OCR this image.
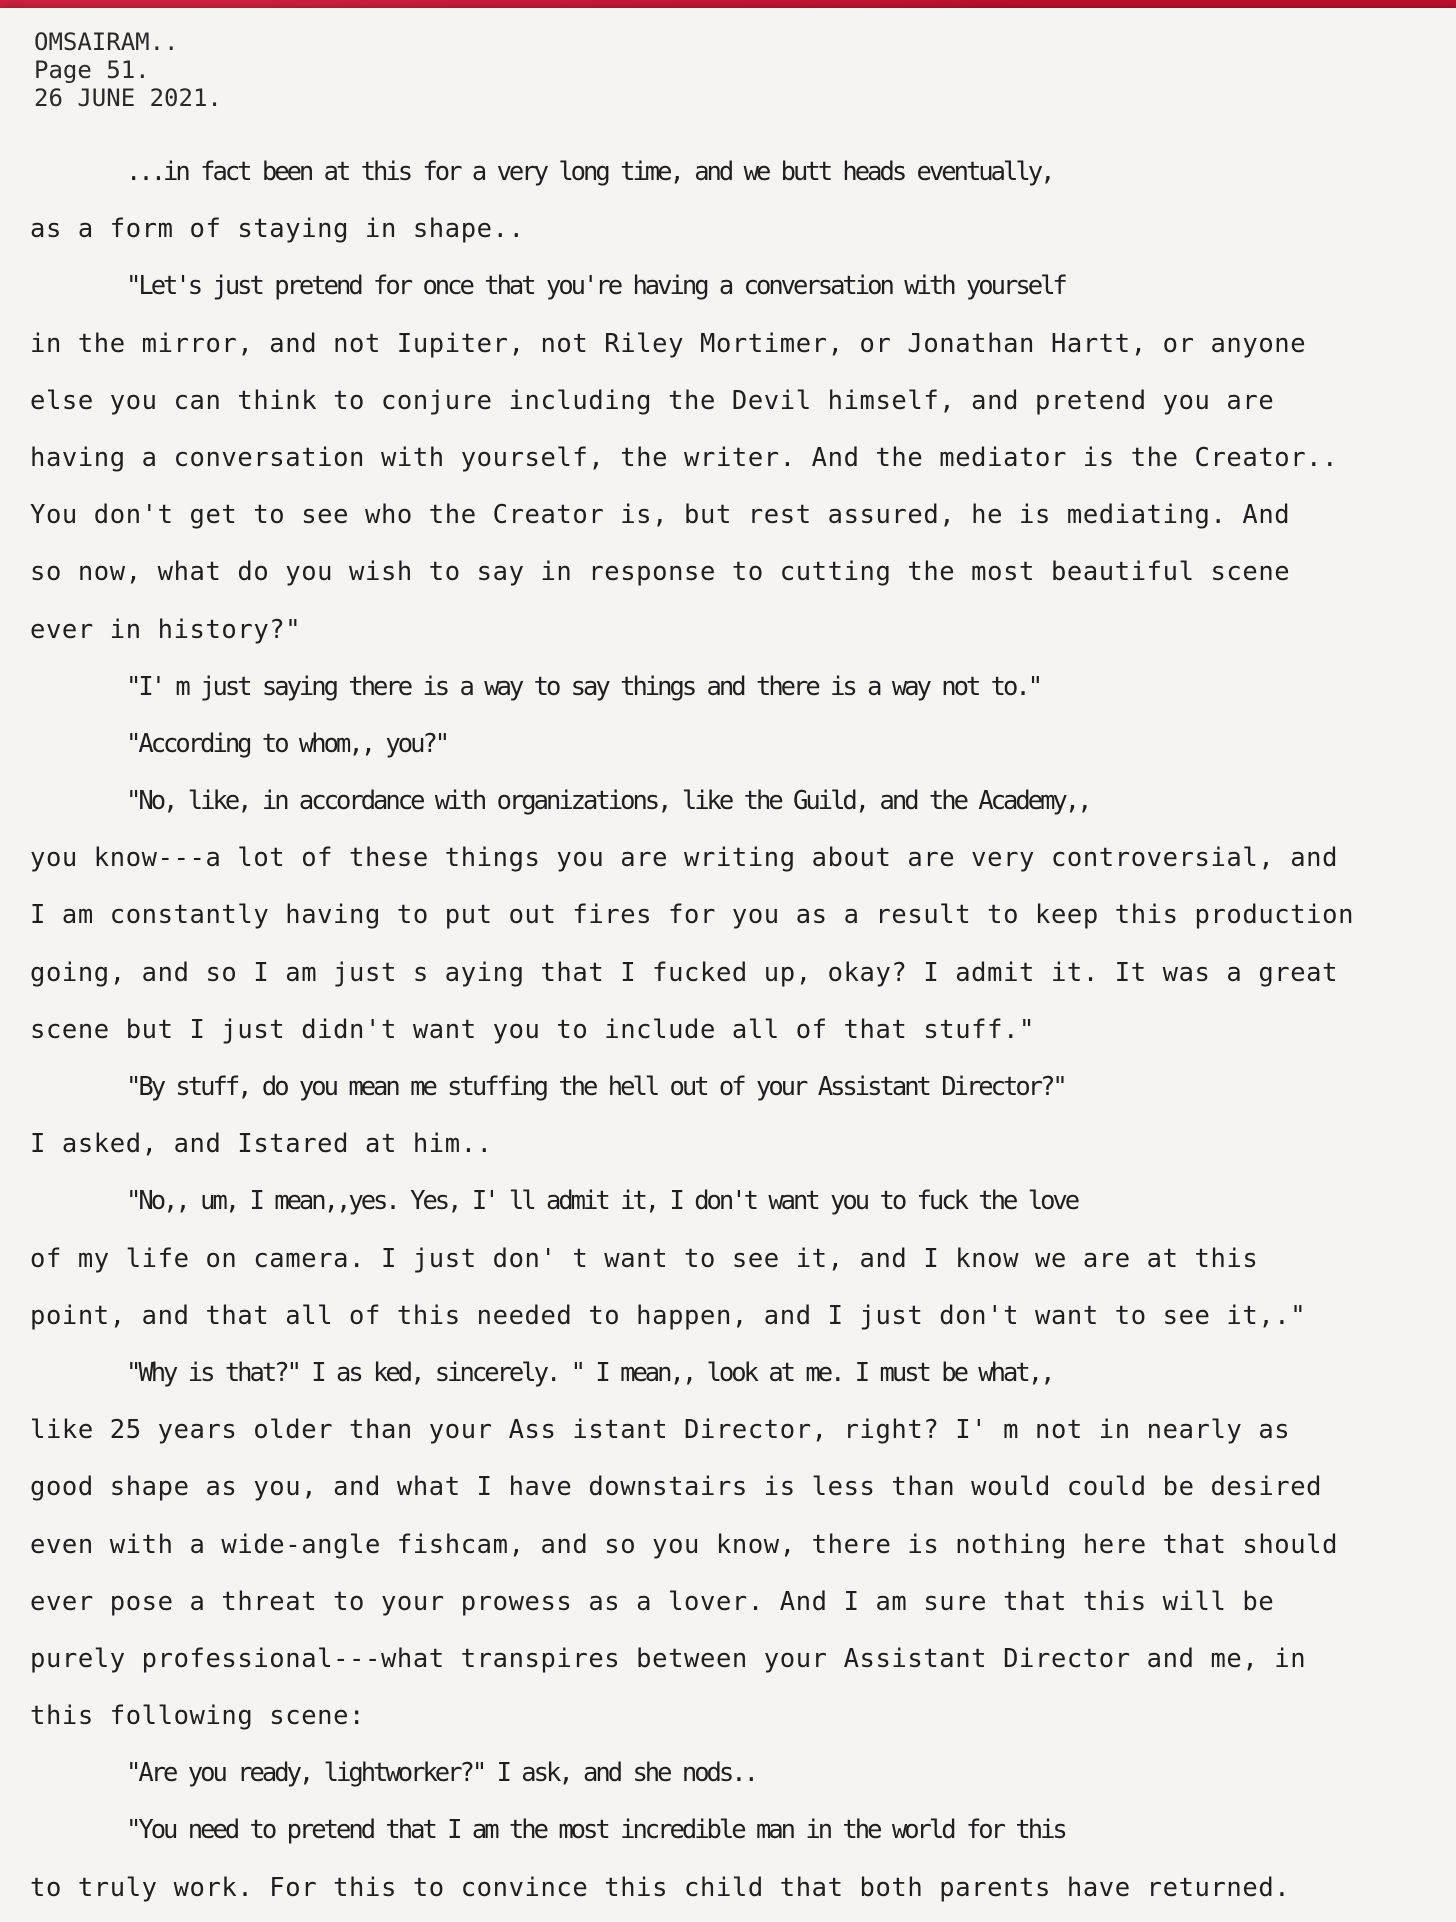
OMSAIRAM..
Page 51.
26 JUNE 2021.
...in fact been at this for a very long time, and we butt heads eventually,
as a form of staying in shape..
"Let's just pretend for once that you're having a conversation with yourself
in the mirror, and not Iupiter, not Riley Mortimer, or Jonathan Hartt, or anyone
else you can think to conjure including the Devil himself, and pretend you are
having a conversation with yourself, the writer. And the mediator is the Creator..
You don't get to see who the Creator is, but rest assured, he is mediating. And
so now, what do you wish to say in response to cutting the most beautiful scene
ever in history?"
"I' m just saying there is a way to say things and there is a way not to."
"According to whom,, you?"
"No, like, in accordance with organizations, like the Guild, and the Academy,,
you know---a lot of these things you are writing about are very controversial, and
I am constantly having to put out fires for you as a result to keep this production
going, and so I am just s aying that I fucked up, okay? I admit it. It was a great
scene but I just didn't want you to include all of that stuff."
"By stuff, do you mean me stuffing the hell out of your Assistant Director?"
I asked, and Istared at him..
"No,, um, I mean,,yes. Yes, I' ll admit it, I don't want you to fuck the love
of my life on camera. I just don' t want to see it, and I know we are at this
point, and that all of this needed to happen, and I just don't want to see it,."
"Why is that?" I as ked, sincerely. " I mean,, look at me. I must be what,,
like 25 years older than your Ass istant Director, right? I' m not in nearly as
good shape as you, and what I have downstairs is less than would could be desired
even with a wide-angle fishcam, and so you know, there is nothing here that should
ever pose a threat to your prowess as a lover. And I am sure that this will be
purely professional---what transpires between your Assistant Director and me, in
this following scene:
"Are you ready, lightworker?" I ask, and she nods..
"You need to pretend that I am the most incredible man in the world for this
to truly work. For this to convince this child that both parents have returned.
